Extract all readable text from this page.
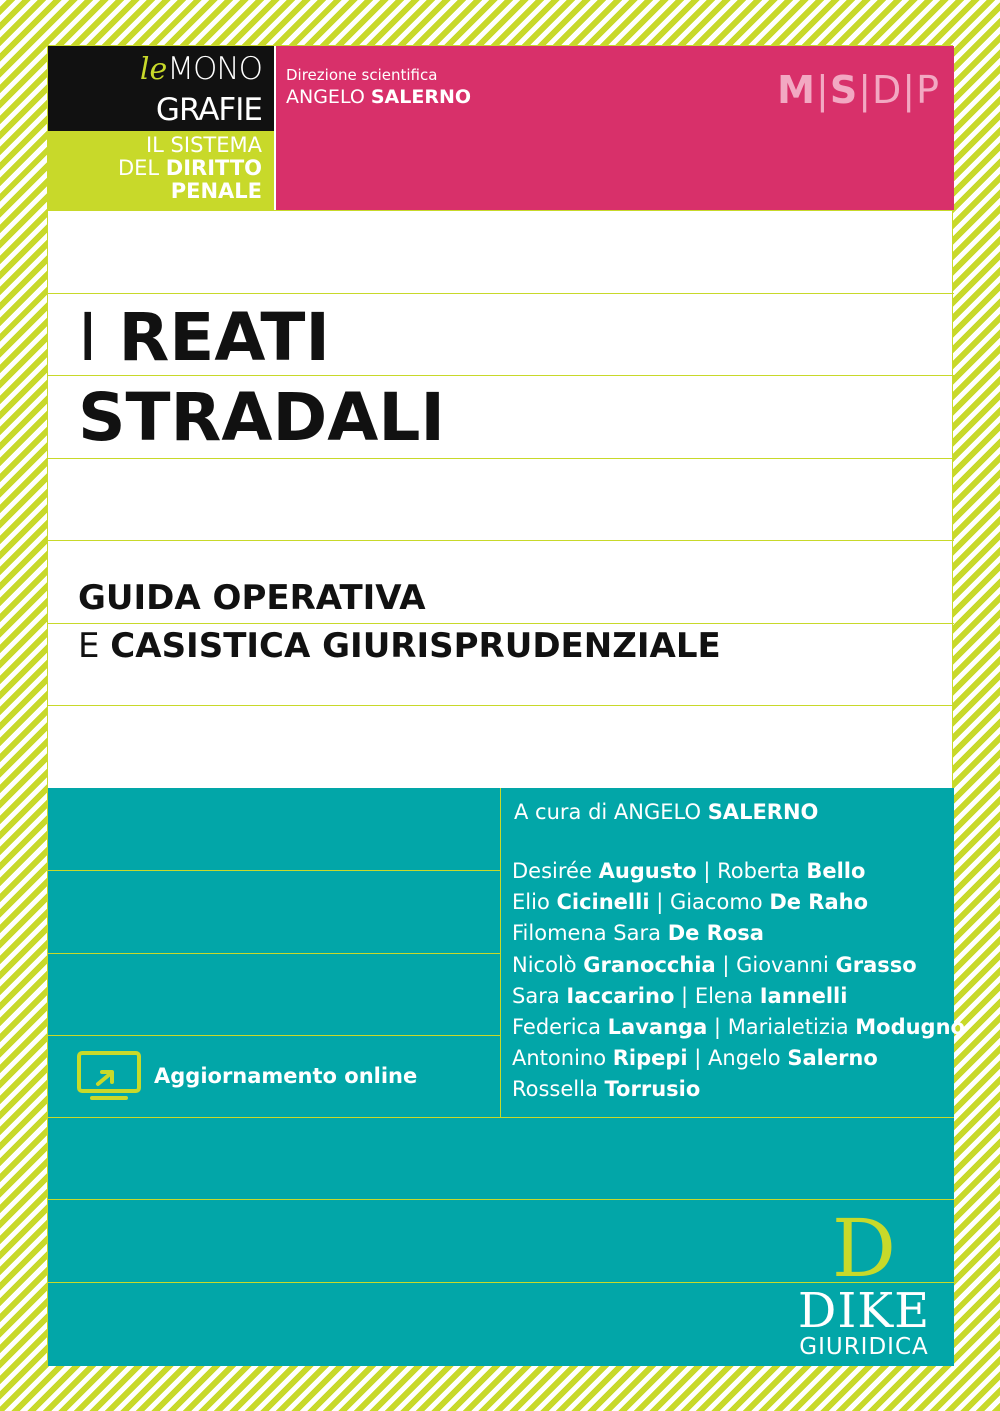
leMONO
GRAFIE
IL SISTEMA
DEL DIRITTO
PENALE
Direzione scientifica
ANGELO SALERNO	M|S|D|P
I REATI
STRADALI
GUIDA OPERATIVA
E CASISTICA GIURISPRUDENZIALE
A cura di ANGELO SALERNO
Desirée Augusto | Roberta Bello
Elio Cicinelli | Giacomo De Raho
Filomena Sara De Rosa
Nicolò Granocchia | Giovanni Grasso
Sara Iaccarino | Elena Iannelli
Federica Lavanga | Marialetizia Modugno
Antonino Ripepi | Angelo Salerno
Rossella Torrusio
Aggiornamento online
D
DIKE
GIURIDICA
